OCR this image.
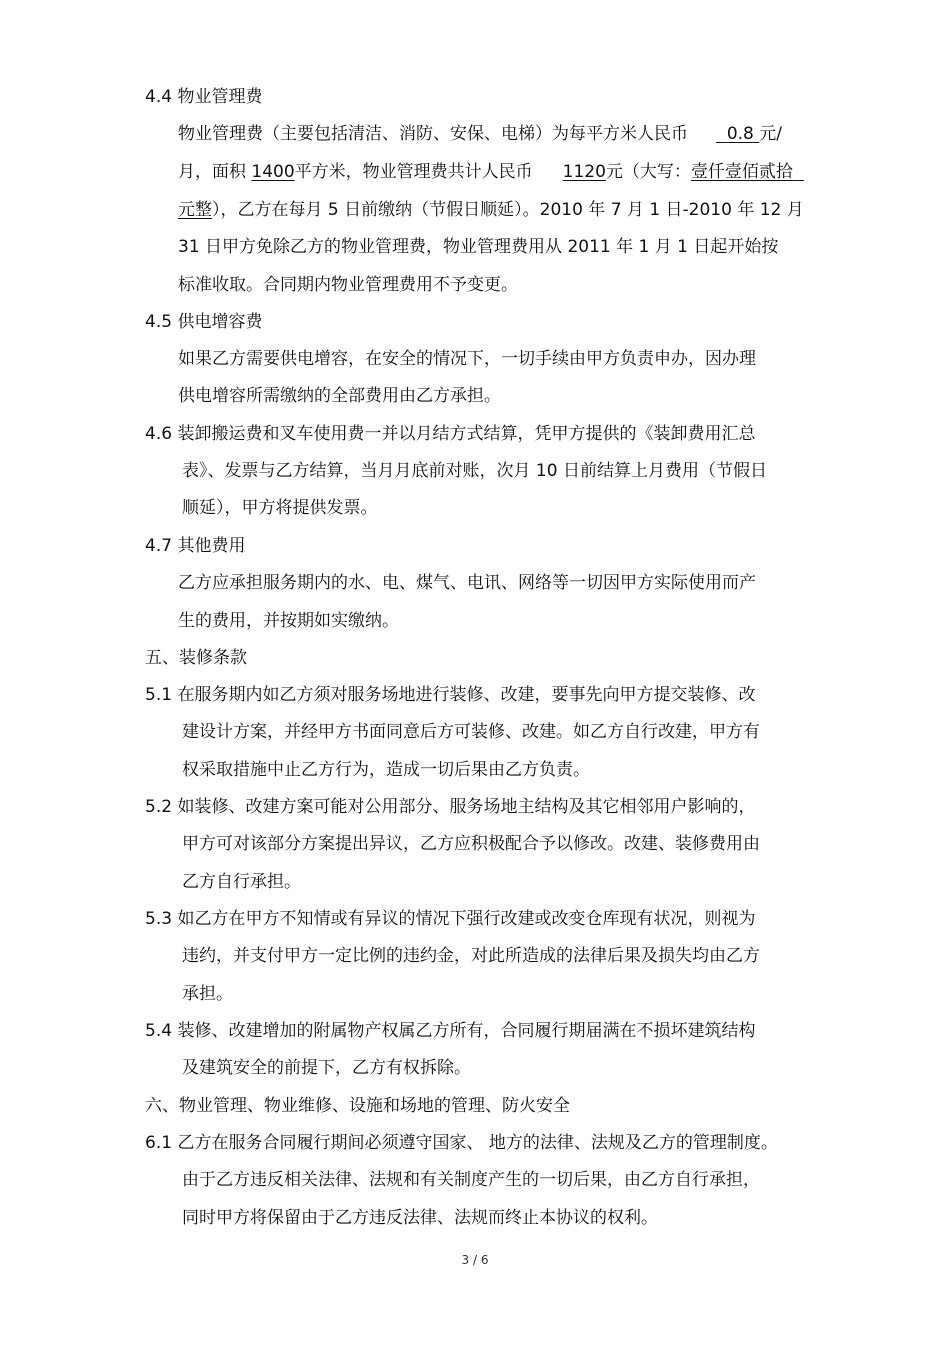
4.4 物业管理费
物业管理费（主要包括清洁、消防、安保、电梯）为每平方米人民币 0.8 元/
月，面积 1400平方米，物业管理费共计人民币 1120元（大写：壹仟壹佰贰拾
元整），乙方在每月 5 日前缴纳（节假日顺延）。2010 年 7 月 1 日-2010 年 12 月
31 日甲方免除乙方的物业管理费，物业管理费用从 2011 年 1 月 1 日起开始按
标准收取。合同期内物业管理费用不予变更。
4.5 供电增容费
如果乙方需要供电增容，在安全的情况下，一切手续由甲方负责申办，因办理
供电增容所需缴纳的全部费用由乙方承担。
4.6 装卸搬运费和叉车使用费一并以月结方式结算，凭甲方提供的《装卸费用汇总
表》、发票与乙方结算，当月月底前对账，次月 10 日前结算上月费用（节假日
顺延），甲方将提供发票。
4.7 其他费用
乙方应承担服务期内的水、电、煤气、电讯、网络等一切因甲方实际使用而产
生的费用，并按期如实缴纳。
五、装修条款
5.1 在服务期内如乙方须对服务场地进行装修、改建，要事先向甲方提交装修、改
建设计方案，并经甲方书面同意后方可装修、改建。如乙方自行改建，甲方有
权采取措施中止乙方行为，造成一切后果由乙方负责。
5.2 如装修、改建方案可能对公用部分、服务场地主结构及其它相邻用户影响的，
甲方可对该部分方案提出异议，乙方应积极配合予以修改。改建、装修费用由
乙方自行承担。
5.3 如乙方在甲方不知情或有异议的情况下强行改建或改变仓库现有状况，则视为
违约，并支付甲方一定比例的违约金，对此所造成的法律后果及损失均由乙方
承担。
5.4 装修、改建增加的附属物产权属乙方所有，合同履行期届满在不损坏建筑结构
及建筑安全的前提下，乙方有权拆除。
六、物业管理、物业维修、设施和场地的管理、防火安全
6.1 乙方在服务合同履行期间必须遵守国家、 地方的法律、法规及乙方的管理制度。
由于乙方违反相关法律、法规和有关制度产生的一切后果，由乙方自行承担，
同时甲方将保留由于乙方违反法律、法规而终止本协议的权利。
3 / 6
